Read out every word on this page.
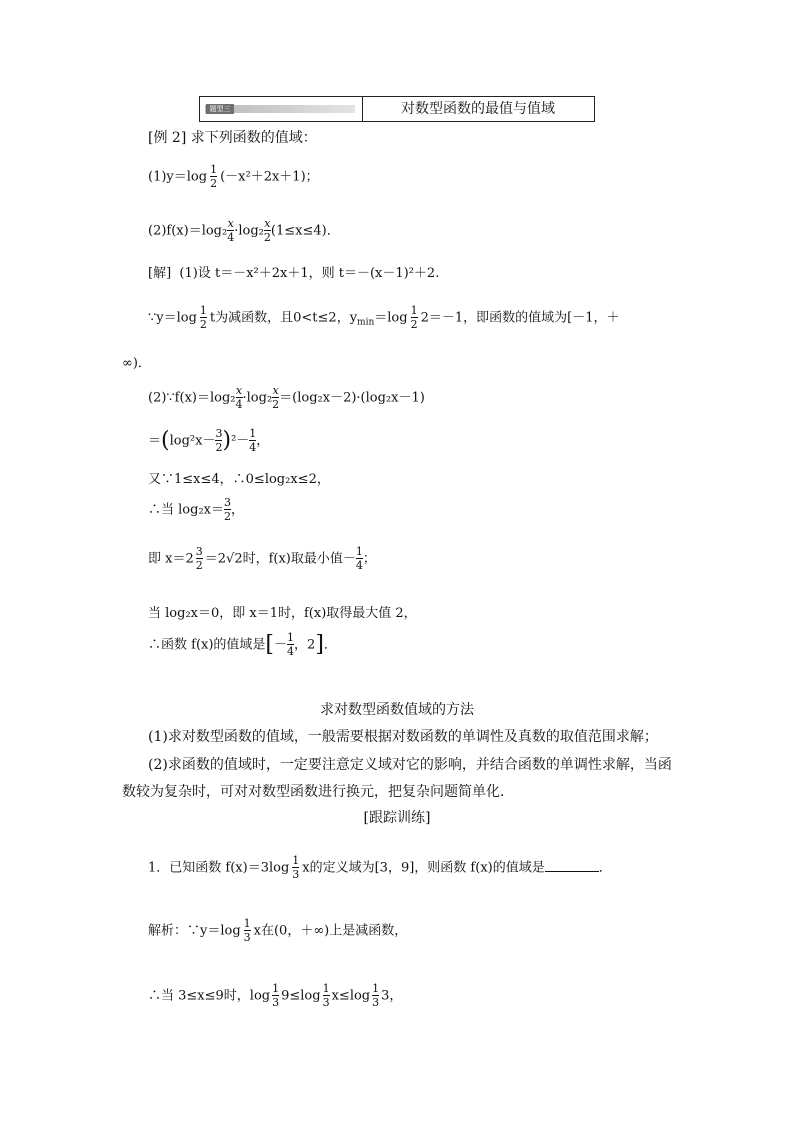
题型三	对数型函数的最值与值域
[例 2] 求下列函数的值域：
$(1)y=\log \frac{1}{2} (-x^2+2x+1)$；
$(2)f(x)=\log_2 \frac{x}{4} \cdot\log_2 \frac{x}{2} (1\le x\le 4)$．
[解] (1)设 t＝－x²＋2x＋1，则 t＝－(x－1)²＋2.
∵y＝log $\frac{1}{2}$ t为减函数，且0<t≤2，$y_{min}=\log \frac{1}{2} 2=-1$，即函数的值域为[－1，＋
∞)．
(2)∵f(x)＝log₂ $\frac{x}{4} \cdot\log_2 \frac{x}{2} =(\log_2x-2)\cdot(\log_2x-1)$
$=(\log^2x- \frac{3}{2} )^2- \frac{1}{4}$ ，
又∵1≤x≤4，∴0≤log₂x≤2，
∴当 $\log_2x= \frac{3}{2}$ ，
即 $x=2 \frac{3}{2} =2√2$时，f(x)取最小值－ $\frac{1}{4}$ ；
当 log₂x＝0，即 x＝1时，f(x)取得最大值 2，
∴函数 f(x)的值域是[－ $\frac{1}{4}$ ，2]．
求对数型函数值域的方法
(1)求对数型函数的值域，一般需要根据对数函数的单调性及真数的取值范围求解；
(2)求函数的值域时，一定要注意定义域对它的影响，并结合函数的单调性求解，当函
数较为复杂时，可对对数型函数进行换元，把复杂问题简单化．
[跟踪训练]
1．已知函数 $f(x)=3\log \frac{1}{3}$ x的定义域为[3，9]，则函数 f(x)的值域是	．
解析：∵y＝log $\frac{1}{3}$ x在(0，＋∞)上是减函数，
∴当 3≤x≤9时，$\log \frac{1}{3} 9\le\log \frac{1}{3} x\le\log \frac{1}{3} 3$，
